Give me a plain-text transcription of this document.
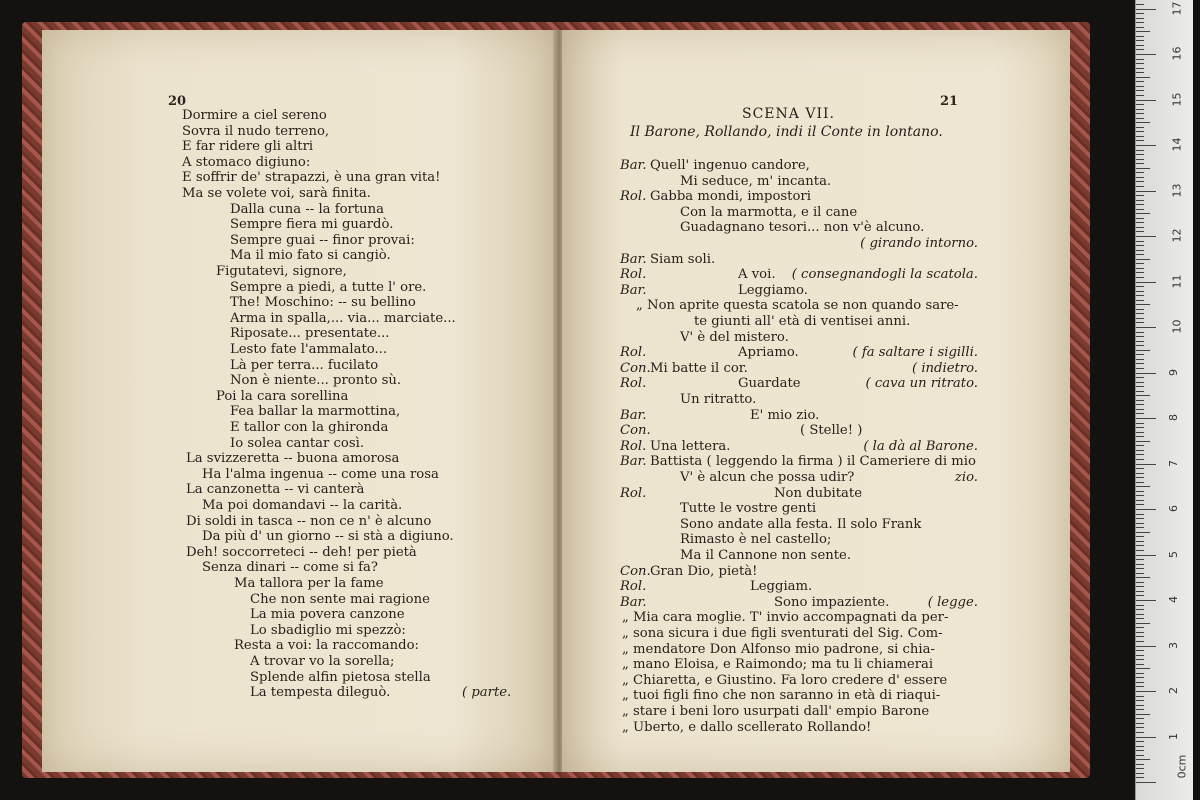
20
Dormire a ciel sereno
Sovra il nudo terreno,
E far ridere gli altri
A stomaco digiuno:
E soffrir de' strapazzi, è una gran vita!
Ma se volete voi, sarà finita.
Dalla cuna -- la fortuna
Sempre fiera mi guardò.
Sempre guai -- finor provai:
Ma il mio fato si cangiò.
Figutatevi, signore,
Sempre a piedi, a tutte l' ore.
The! Moschino: -- su bellino
Arma in spalla,... via... marciate...
Riposate... presentate...
Lesto fate l'ammalato...
Là per terra... fucilato
Non è niente... pronto sù.
Poi la cara sorellina
Fea ballar la marmottina,
E tallor con la ghironda
Io solea cantar così.
La svizzeretta -- buona amorosa
Ha l'alma ingenua -- come una rosa
La canzonetta -- vi canterà
Ma poi domandavi -- la carità.
Di soldi in tasca -- non ce n' è alcuno
Da più d' un giorno -- si stà a digiuno.
Deh! soccorreteci -- deh! per pietà
Senza dinari -- come si fa?
Ma tallora per la fame
Che non sente mai ragione
La mia povera canzone
Lo sbadiglio mi spezzò:
Resta a voi: la raccomando:
A trovar vo la sorella;
Splende alfin pietosa stella
La tempesta dileguò.	( parte.
21
SCENA VII.
Il Barone, Rollando, indi il Conte in lontano.
Bar. Quell' ingenuo candore,
Mi seduce, m' incanta.
Rol. Gabba mondi, impostori
Con la marmotta, e il cane
Guadagnano tesori... non v'è alcuno.
( girando intorno.
Bar. Siam soli.
Rol.	A voi. ( consegnandogli la scatola.
Bar.	Leggiamo.
„ Non aprite questa scatola se non quando sare-
te giunti all' età di ventisei anni.
V' è del mistero.
Rol.	Apriamo.	( fa saltare i sigilli.
Con. Mi batte il cor.	( indietro.
Rol.	Guardate	( cava un ritrato.
Un ritratto.
Bar.	E' mio zio.
Con.	( Stelle! )
Rol. Una lettera.	( la dà al Barone.
Bar. Battista ( leggendo la firma ) il Cameriere di mio
V' è alcun che possa udir?	zio.
Rol.	Non dubitate
Tutte le vostre genti
Sono andate alla festa. Il solo Frank
Rimasto è nel castello;
Ma il Cannone non sente.
Con. Gran Dio, pietà!
Rol.	Leggiam.
Bar.	Sono impaziente.	( legge.
„ Mia cara moglie. T' invio accompagnati da per-
„ sona sicura i due figli sventurati del Sig. Com-
„ mendatore Don Alfonso mio padrone, si chia-
„ mano Eloisa, e Raimondo; ma tu li chiamerai
„ Chiaretta, e Giustino. Fa loro credere d' essere
„ tuoi figli fino che non saranno in età di riaqui-
„ stare i beni loro usurpati dall' empio Barone
„ Uberto, e dallo scellerato Rollando!
0cm
1
2
3
4
5
6
7
8
9
10
11
12
13
14
15
16
17
